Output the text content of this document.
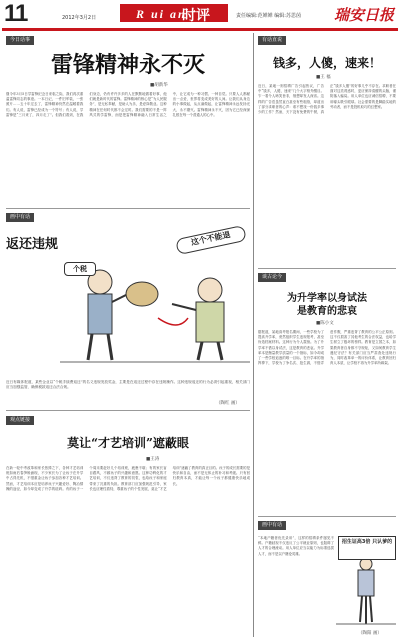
11	2012年3月2日	R ui an
时评	责任编辑:范婵婵 编辑:苏思茵 瑞安日报
今日话事
雷锋精神永不灭
■胡新华
继今年3月5日学雷锋纪念日来临之际，我们再次重温雷锋同志的事迹。一本日记，一件旧军装，一张照片……五十年过去了，雷锋精神仍然在温暖着我们。有人说，雷锋已经成为一个符号；有人说，学雷锋是“三月来了，四月走了”。但我们看到，在我们身边，仍有许许多多的人在默默地做着好事，他们就是新时代的雷锋。雷锋精神的核心是“为人民服务”，是无私奉献，是助人为乐，是爱岗敬业。这种精神在任何时代都不会过时。我们需要的不是一阵风式的学雷锋，而是把雷锋精神融入日常生活之中，让它成为一种习惯、一种自觉。只要人人都献出一点爱，世界将变成美好的人间。让我们从身边的小事做起，从点滴做起，让雷锋精神永远发扬光大，永不磨灭。雷锋精神永不灭，因为它已经深深扎根在每一个普通人的心中。
画中有话
返还违规
个税
这个不能退
近日有媒体报道，某些企业以“个税手续费返还”的名义违规发放奖金，主要是在返还过程中存在违规操作。这种违规返还的行为必须引起重视，相关部门应当加强监管，确保税款返还合法合规。
（陶红 画）
观点链接
莫让“才艺培训”遮蔽眼
■王涛
在新一轮中考改革和家长热捧之下，各种才艺培训班如雨后春笋般涌现，不少家长为了让孩子在升学中占得先机，不惜重金让孩子参加各种才艺培训。然而，才艺培训本应是培养孩子兴趣爱好、陶冶情操的途径，如今却变成了升学的砝码。有的孩子一个周末要赶好几个培训班，疲惫不堪；有的家长盲目跟风，不顾孩子的兴趣和意愿。这种功利化的才艺培训，不仅违背了教育的初衷，也给孩子和家庭带来了沉重的负担。教育部门应加强规范引导，家长也应理性看待，尊重孩子的个性发展，莫让“才艺培训”遮蔽了教育的真正目的。孩子的成长需要的是快乐和自由，而不是无休止的补习和考级。只有回归教育本真，才能让每一个孩子都健康快乐地成长。
有话直说
钱多，人傻，速来！
■王 福
近日，某地一则招聘广告引起热议，广告中“钱多，人傻，速来”几个大字格外醒目。乍一看令人啼笑皆非，细想却发人深省。这样的广告语虽然直白甚至有些粗俗，却道出了部分求职者的心声：谁不想找一份钱多事少的工作？然而，天下没有免费的午餐，真正“钱多人傻”的好事几乎不存在。求职者在面对这类诱惑时，更应保持清醒的头脑，谨防落入骗局。用人单位也应诚信招聘，不要用噱头吸引眼球。社会需要的是脚踏实地的劳动者，而不是投机取巧的幻想家。
谈古论今
为升学率以身试法
是教育的悲哀
■陈小文
据报道，某地高考报名期间，一些学校为了提高升学率，竟然组织学生违规报考，甚至伪造档案材料。这种行为令人震惊。为了升学率不惜以身试法，这是教育的悲哀。升学率本是衡量教学质量的一个指标，如今却成了一些学校追逐的唯一目标。在升学率的指挥棒下，学校为了争名次、抢生源，不惜弄虚作假，严重违背了教育的公平公正原则。这不仅损害了其他考生的合法权益，也给学生树立了极坏的榜样。教育是立国之本，如果教育者自身都不守规矩，又如何教育学生遵纪守法？有关部门应当严肃查处违规行为，同时改革单一的评价体系，让教育回归育人本质，让学校不再为升学率所绑架。
画中有话
“本地户籍者优先录用”，这样的招聘条件屡见不鲜。户籍歧视不仅违反了公平就业原则，也阻碍了人才的合理流动。用人单位应当以能力为标准选拔人才，而不是以户籍论英雄。
招生证高3倍 只认爹的
（陶阳 画）
